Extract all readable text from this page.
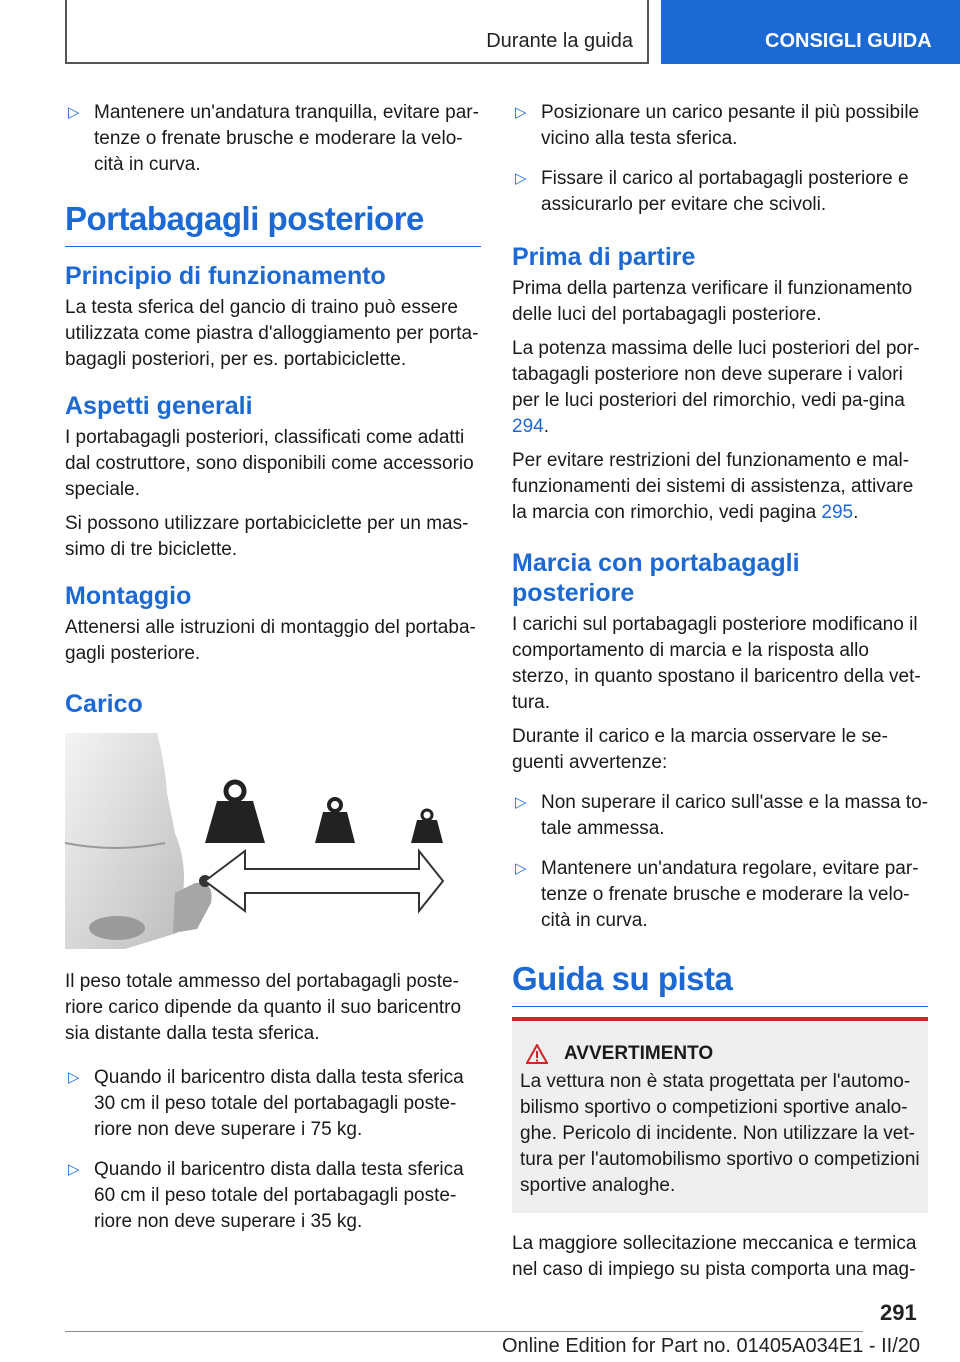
Durante la guida	CONSIGLI GUIDA
▷ Mantenere un'andatura tranquilla, evitare par-tenze o frenate brusche e moderare la velo-cità in curva.
Portabagagli posteriore
Principio di funzionamento

La testa sferica del gancio di traino può essere utilizzata come piastra d'alloggiamento per porta-bagagli posteriori, per es. portabiciclette.

Aspetti generali

I portabagagli posteriori, classificati come adatti dal costruttore, sono disponibili come accessorio speciale.

Si possono utilizzare portabiciclette per un mas-simo di tre biciclette.

Montaggio

Attenersi alle istruzioni di montaggio del portaba-gagli posteriore.

Carico

Il peso totale ammesso del portabagagli poste-riore carico dipende da quanto il suo baricentro sia distante dalla testa sferica.

▷ Quando il baricentro dista dalla testa sferica 30 cm il peso totale del portabagagli poste-riore non deve superare i 75 kg.
▷ Quando il baricentro dista dalla testa sferica 60 cm il peso totale del portabagagli poste-riore non deve superare i 35 kg.
▷ Posizionare un carico pesante il più possibile vicino alla testa sferica.
▷ Fissare il carico al portabagagli posteriore e assicurarlo per evitare che scivoli.
Prima di partire

Prima della partenza verificare il funzionamento delle luci del portabagagli posteriore.

La potenza massima delle luci posteriori del por-tabagagli posteriore non deve superare i valori per le luci posteriori del rimorchio, vedi pa-gina 294.

Per evitare restrizioni del funzionamento e mal-funzionamenti dei sistemi di assistenza, attivare la marcia con rimorchio, vedi pagina 295.

Marcia con portabagagli posteriore

I carichi sul portabagagli posteriore modificano il comportamento di marcia e la risposta allo sterzo, in quanto spostano il baricentro della vet-tura.

Durante il carico e la marcia osservare le se-guenti avvertenze:

▷ Non superare il carico sull'asse e la massa to-tale ammessa.
▷ Mantenere un'andatura regolare, evitare par-tenze o frenate brusche e moderare la velo-cità in curva.
Guida su pista
AVVERTIMENTO

La vettura non è stata progettata per l'automo-bilismo sportivo o competizioni sportive analo-ghe. Pericolo di incidente. Non utilizzare la vet-tura per l'automobilismo sportivo o competizioni sportive analoghe.

La maggiore sollecitazione meccanica e termica nel caso di impiego su pista comporta una mag-

291
Online Edition for Part no. 01405A034E1 - II/20
